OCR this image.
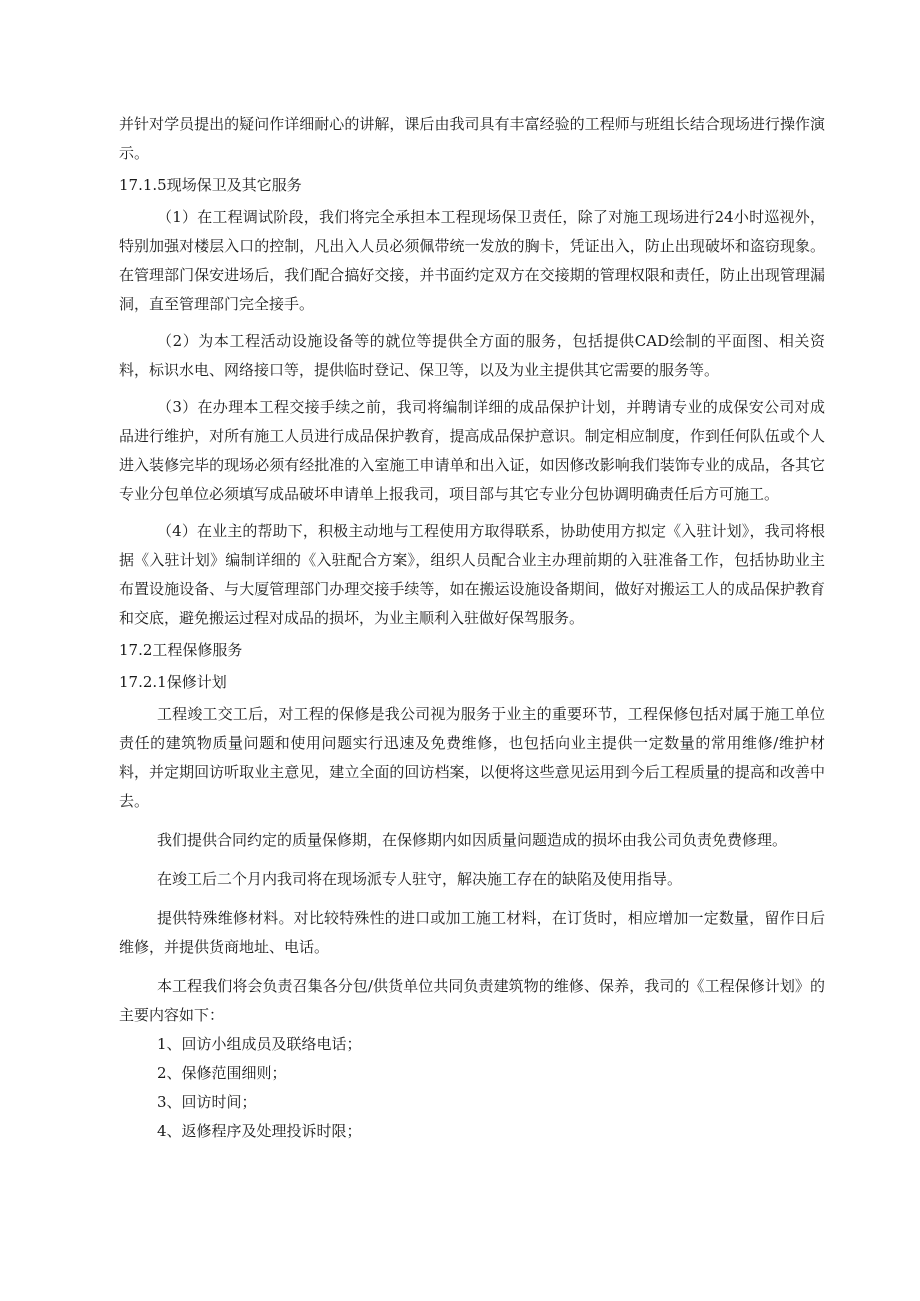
并针对学员提出的疑问作详细耐心的讲解，课后由我司具有丰富经验的工程师与班组长结合现场进行操作演示。

17.1.5现场保卫及其它服务

（1）在工程调试阶段，我们将完全承担本工程现场保卫责任，除了对施工现场进行24小时巡视外，特别加强对楼层入口的控制，凡出入人员必须佩带统一发放的胸卡，凭证出入，防止出现破坏和盗窃现象。在管理部门保安进场后，我们配合搞好交接，并书面约定双方在交接期的管理权限和责任，防止出现管理漏洞，直至管理部门完全接手。

（2）为本工程活动设施设备等的就位等提供全方面的服务，包括提供CAD绘制的平面图、相关资料，标识水电、网络接口等，提供临时登记、保卫等，以及为业主提供其它需要的服务等。

（3）在办理本工程交接手续之前，我司将编制详细的成品保护计划，并聘请专业的成保安公司对成品进行维护，对所有施工人员进行成品保护教育，提高成品保护意识。制定相应制度，作到任何队伍或个人进入装修完毕的现场必须有经批准的入室施工申请单和出入证，如因修改影响我们装饰专业的成品，各其它专业分包单位必须填写成品破坏申请单上报我司，项目部与其它专业分包协调明确责任后方可施工。

（4）在业主的帮助下，积极主动地与工程使用方取得联系，协助使用方拟定《入驻计划》，我司将根据《入驻计划》编制详细的《入驻配合方案》，组织人员配合业主办理前期的入驻准备工作，包括协助业主布置设施设备、与大厦管理部门办理交接手续等，如在搬运设施设备期间，做好对搬运工人的成品保护教育和交底，避免搬运过程对成品的损坏，为业主顺利入驻做好保驾服务。

17.2工程保修服务

17.2.1保修计划

工程竣工交工后，对工程的保修是我公司视为服务于业主的重要环节，工程保修包括对属于施工单位责任的建筑物质量问题和使用问题实行迅速及免费维修，也包括向业主提供一定数量的常用维修/维护材料，并定期回访听取业主意见，建立全面的回访档案，以便将这些意见运用到今后工程质量的提高和改善中去。

我们提供合同约定的质量保修期，在保修期内如因质量问题造成的损坏由我公司负责免费修理。

在竣工后二个月内我司将在现场派专人驻守，解决施工存在的缺陷及使用指导。

提供特殊维修材料。对比较特殊性的进口或加工施工材料，在订货时，相应增加一定数量，留作日后维修，并提供货商地址、电话。

本工程我们将会负责召集各分包/供货单位共同负责建筑物的维修、保养，我司的《工程保修计划》的主要内容如下：

1、回访小组成员及联络电话；

2、保修范围细则；

3、回访时间；

4、返修程序及处理投诉时限；
